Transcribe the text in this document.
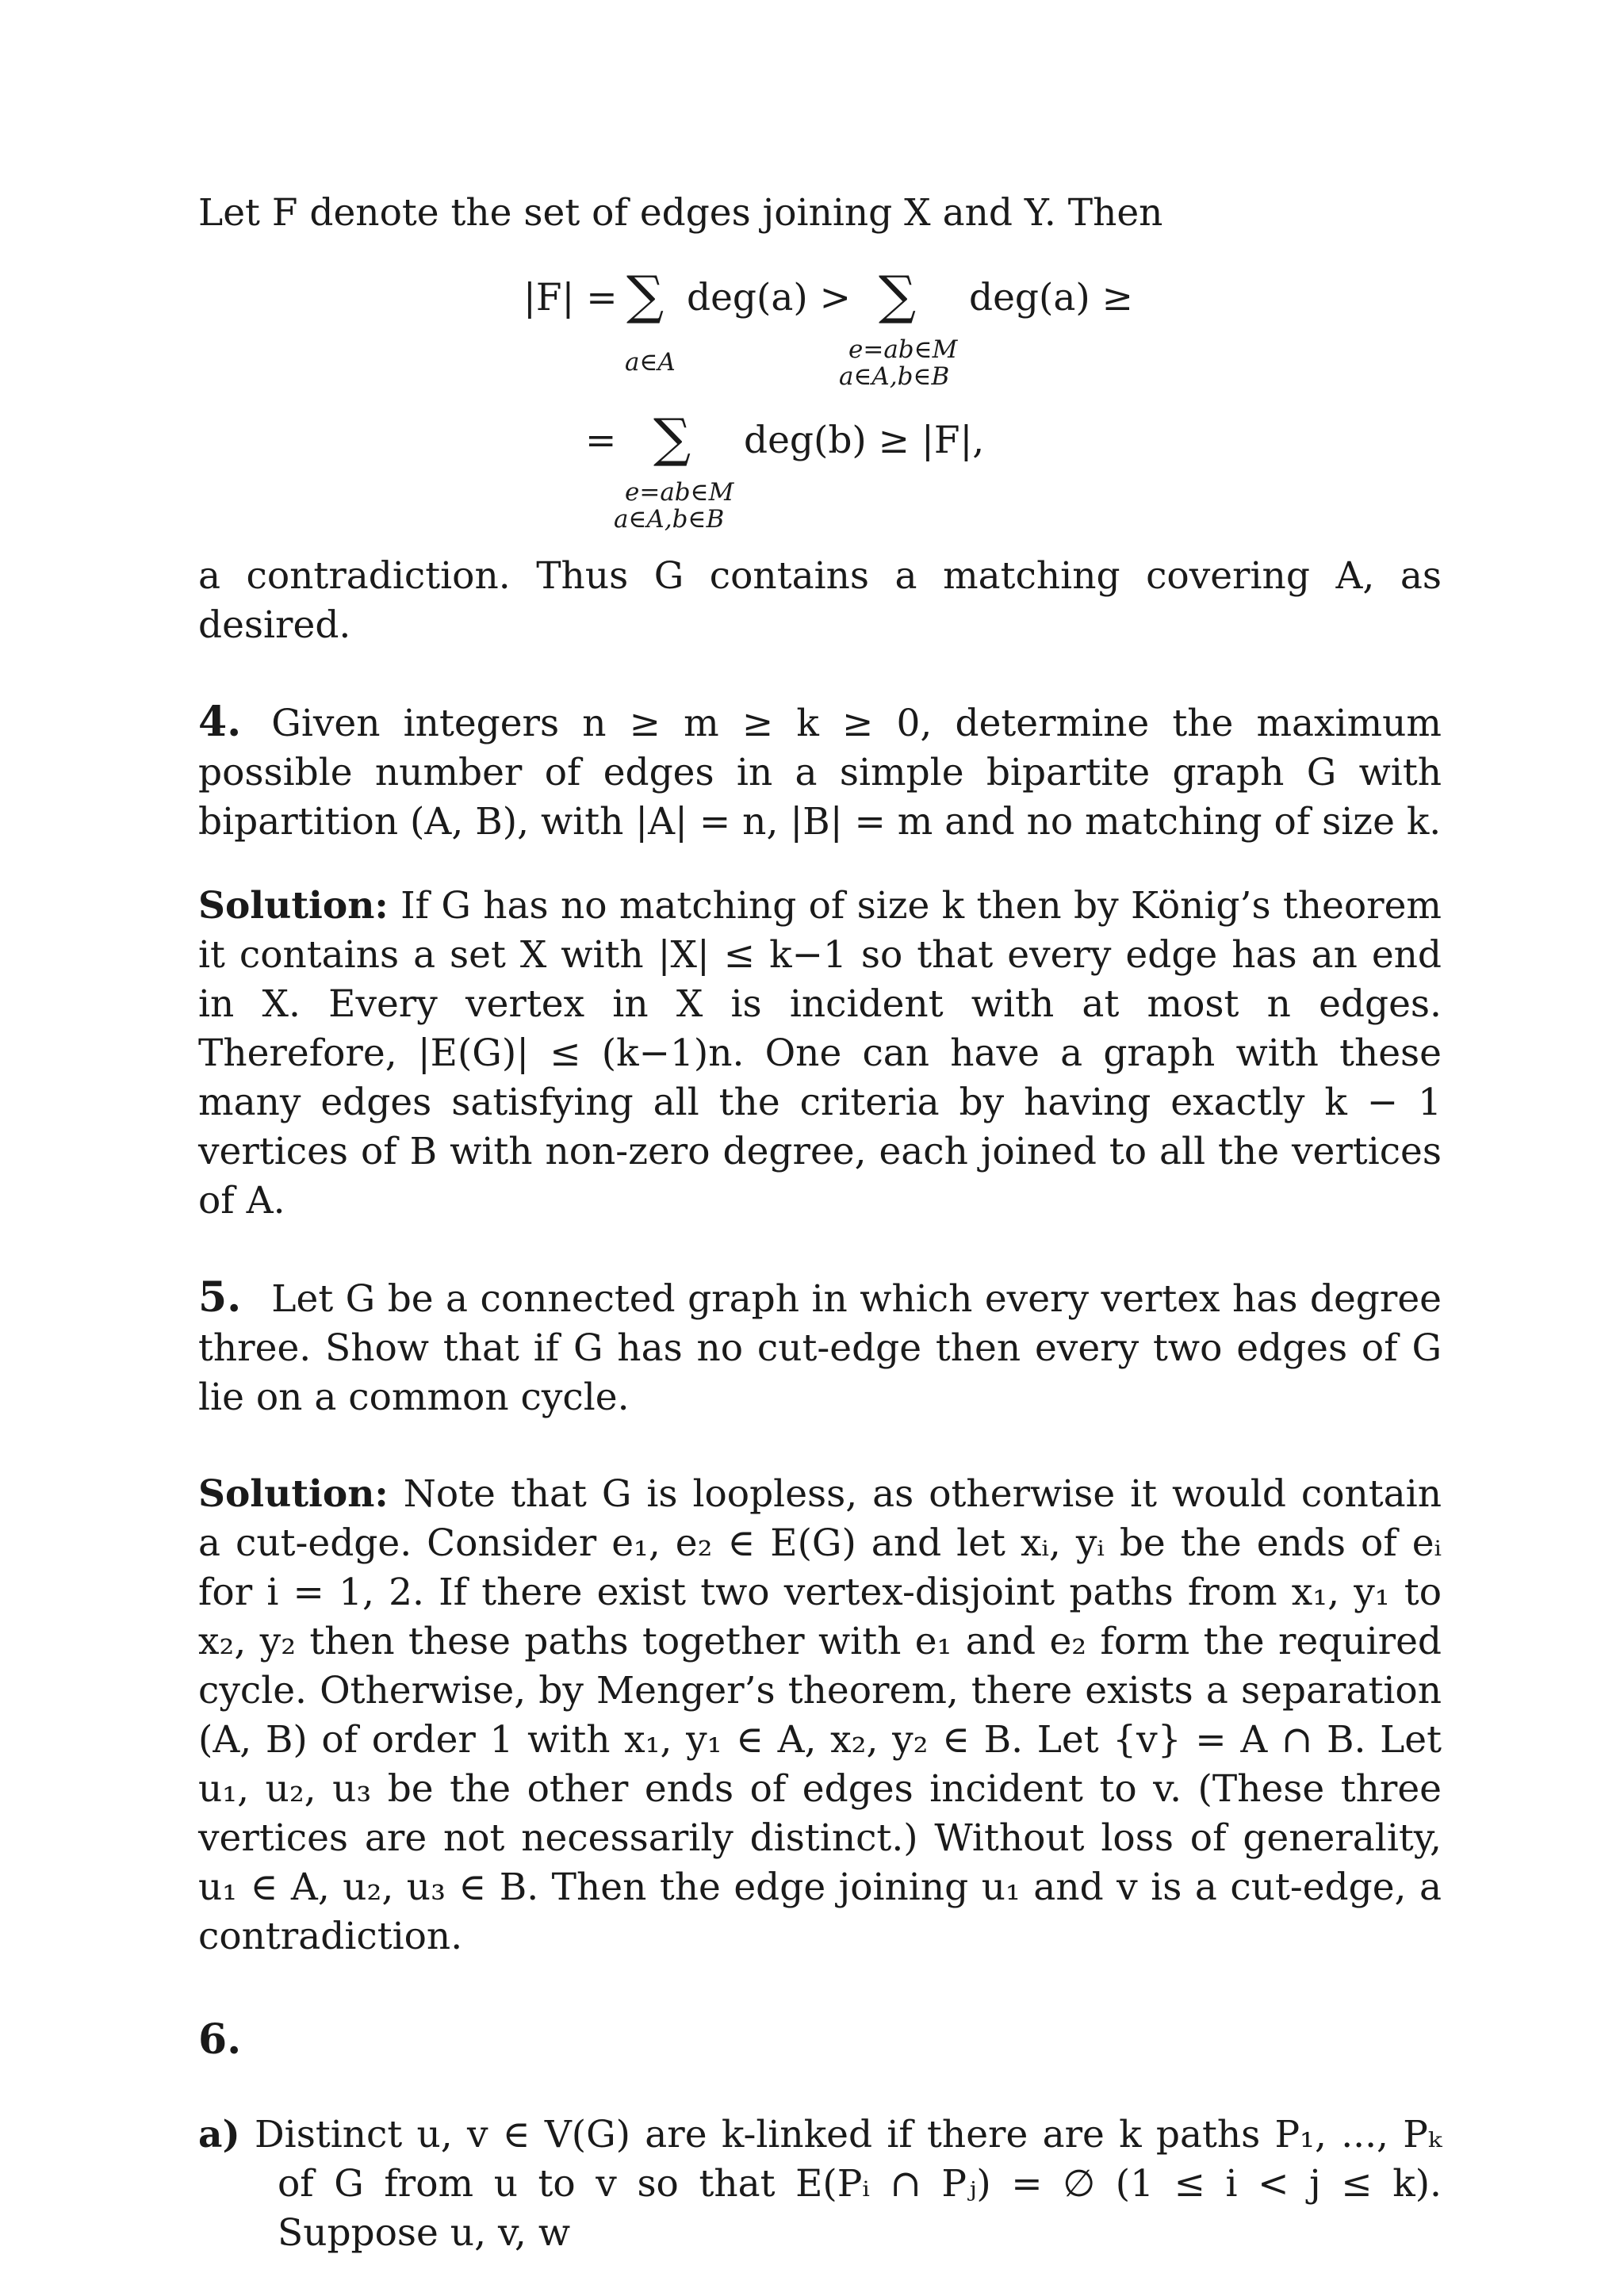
Let F denote the set of edges joining X and Y. Then

|F| = ∑ deg(a) >
a∈A
∑ deg(a) ≥
e=ab∈M
a∈A,b∈B
= ∑ deg(b) ≥ |F|,
e=ab∈M
a∈A,b∈B

a contradiction. Thus G contains a matching covering A, as desired.

4. Given integers n ≥ m ≥ k ≥ 0, determine the maximum possible number of edges in a simple bipartite graph G with bipartition (A, B), with |A| = n, |B| = m and no matching of size k.

Solution: If G has no matching of size k then by König’s theorem it contains a set X with |X| ≤ k−1 so that every edge has an end in X. Every vertex in X is incident with at most n edges. Therefore, |E(G)| ≤ (k−1)n. One can have a graph with these many edges satisfying all the criteria by having exactly k − 1 vertices of B with non-zero degree, each joined to all the vertices of A.

5. Let G be a connected graph in which every vertex has degree three. Show that if G has no cut-edge then every two edges of G lie on a common cycle.

Solution: Note that G is loopless, as otherwise it would contain a cut-edge. Consider e₁, e₂ ∈ E(G) and let xᵢ, yᵢ be the ends of eᵢ for i = 1, 2. If there exist two vertex-disjoint paths from x₁, y₁ to x₂, y₂ then these paths together with e₁ and e₂ form the required cycle. Otherwise, by Menger’s theorem, there exists a separation (A, B) of order 1 with x₁, y₁ ∈ A, x₂, y₂ ∈ B. Let {v} = A ∩ B. Let u₁, u₂, u₃ be the other ends of edges incident to v. (These three vertices are not necessarily distinct.) Without loss of generality, u₁ ∈ A, u₂, u₃ ∈ B. Then the edge joining u₁ and v is a cut-edge, a contradiction.

6.

a) Distinct u, v ∈ V(G) are k-linked if there are k paths P₁, ..., Pₖ of G from u to v so that E(Pᵢ ∩ Pⱼ) = ∅ (1 ≤ i < j ≤ k). Suppose u, v, w
